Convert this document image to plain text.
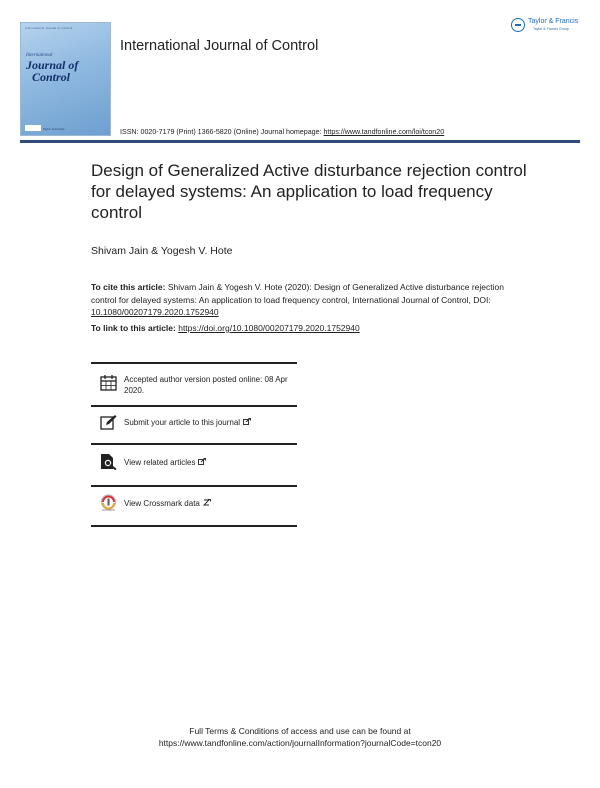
International Journal of Control
International
Journal of
Control
Taylor & Francis
International Journal of Control
Taylor & Francis
Taylor & Francis Group
ISSN: 0020-7179 (Print) 1366-5820 (Online) Journal homepage: https://www.tandfonline.com/loi/tcon20
Design of Generalized Active disturbance rejection control for delayed systems: An application to load frequency control
Shivam Jain & Yogesh V. Hote
To cite this article: Shivam Jain & Yogesh V. Hote (2020): Design of Generalized Active disturbance rejection control for delayed systems: An application to load frequency control, International Journal of Control, DOI: 10.1080/00207179.2020.1752940
To link to this article: https://doi.org/10.1080/00207179.2020.1752940
Accepted author version posted online: 08 Apr 2020.
Submit your article to this journal
View related articles
View Crossmark data
Full Terms & Conditions of access and use can be found at
https://www.tandfonline.com/action/journalInformation?journalCode=tcon20
